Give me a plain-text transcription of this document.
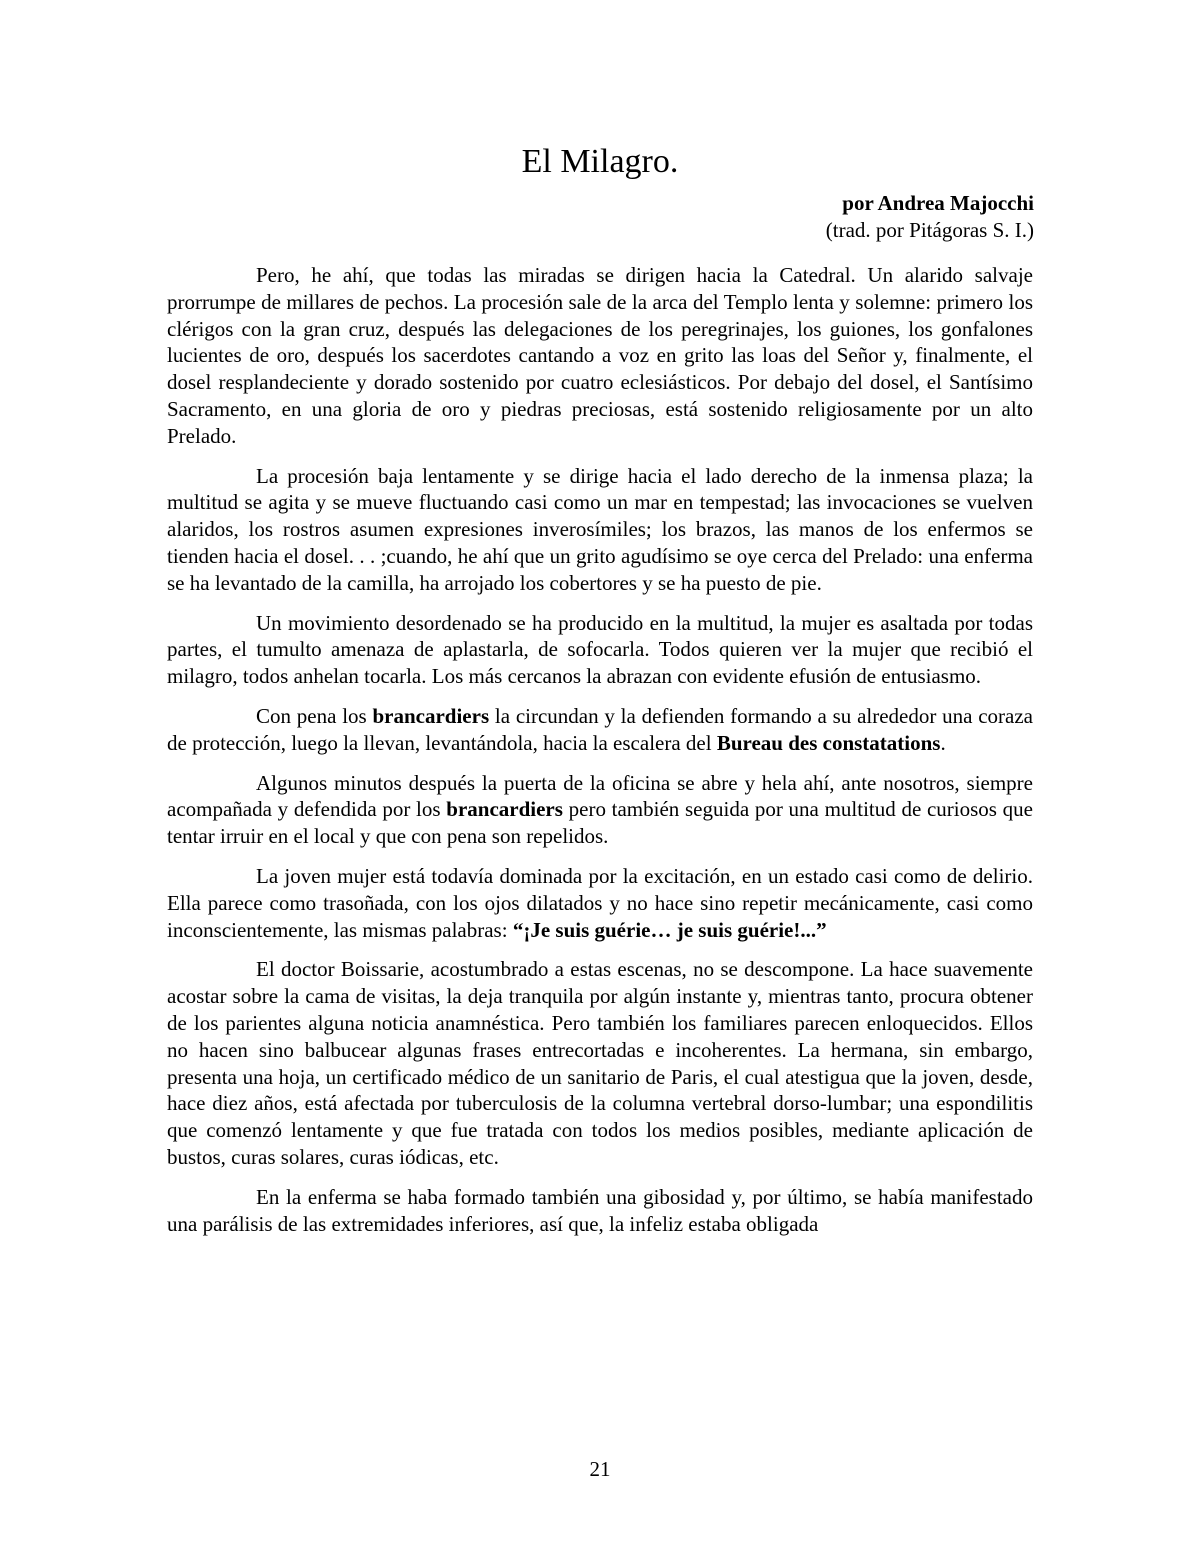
El Milagro.
por Andrea Majocchi
(trad. por Pitágoras S. I.)

Pero, he ahí, que todas las miradas se dirigen hacia la Catedral. Un alarido salvaje prorrumpe de millares de pechos. La procesión sale de la arca del Templo lenta y solemne: primero los clérigos con la gran cruz, después las delegaciones de los peregrinajes, los guiones, los gonfalones lucientes de oro, después los sacerdotes cantando a voz en grito las loas del Señor y, finalmente, el dosel resplandeciente y dorado sostenido por cuatro eclesiásticos. Por debajo del dosel, el Santísimo Sacramento, en una gloria de oro y piedras preciosas, está sostenido religiosamente por un alto Prelado.

La procesión baja lentamente y se dirige hacia el lado derecho de la inmensa plaza; la multitud se agita y se mueve fluctuando casi como un mar en tempestad; las invocaciones se vuelven alaridos, los rostros asumen expresiones inverosímiles; los brazos, las manos de los enfermos se tienden hacia el dosel. . . ;cuando, he ahí que un grito agudísimo se oye cerca del Prelado: una enferma se ha levantado de la camilla, ha arrojado los cobertores y se ha puesto de pie.

Un movimiento desordenado se ha producido en la multitud, la mujer es asaltada por todas partes, el tumulto amenaza de aplastarla, de sofocarla. Todos quieren ver la mujer que recibió el milagro, todos anhelan tocarla. Los más cercanos la abrazan con evidente efusión de entusiasmo.

Con pena los brancardiers la circundan y la defienden formando a su alrededor una coraza de protección, luego la llevan, levantándola, hacia la escalera del Bureau des constatations.

Algunos minutos después la puerta de la oficina se abre y hela ahí, ante nosotros, siempre acompañada y defendida por los brancardiers pero también seguida por una multitud de curiosos que tentar irruir en el local y que con pena son repelidos.

La joven mujer está todavía dominada por la excitación, en un estado casi como de delirio. Ella parece como trasoñada, con los ojos dilatados y no hace sino repetir mecánicamente, casi como inconscientemente, las mismas palabras: “¡Je suis guérie… je suis guérie!...”

El doctor Boissarie, acostumbrado a estas escenas, no se descompone. La hace suavemente acostar sobre la cama de visitas, la deja tranquila por algún instante y, mientras tanto, procura obtener de los parientes alguna noticia anamnéstica. Pero también los familiares parecen enloquecidos. Ellos no hacen sino balbucear algunas frases entrecortadas e incoherentes. La hermana, sin embargo, presenta una hoja, un certificado médico de un sanitario de Paris, el cual atestigua que la joven, desde, hace diez años, está afectada por tuberculosis de la columna vertebral dorso-lumbar; una espondilitis que comenzó lentamente y que fue tratada con todos los medios posibles, mediante aplicación de bustos, curas solares, curas iódicas, etc.

En la enferma se haba formado también una gibosidad y, por último, se había manifestado una parálisis de las extremidades inferiores, así que, la infeliz estaba obligada

21
